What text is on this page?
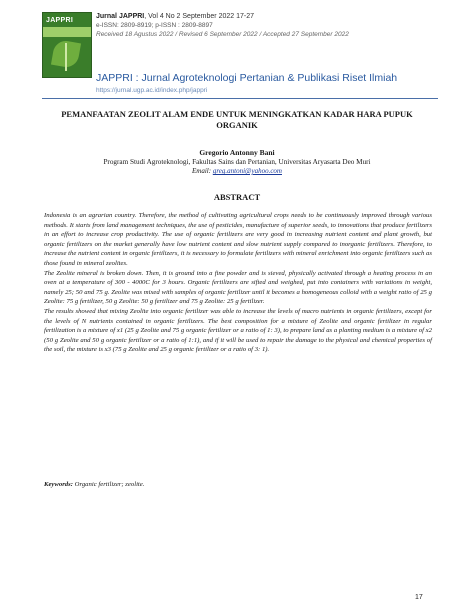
JAPPRI
Jurnal JAPPRI, Vol 4 No 2 September 2022 17-27
e-ISSN: 2809-8919; p-ISSN : 2809-8897
Received 18 Agustus 2022 / Revised 6 September 2022 / Accepted 27 September 2022
JAPPRI : Jurnal Agroteknologi Pertanian & Publikasi Riset Ilmiah
https://jurnal.ugp.ac.id/index.php/jappri
PEMANFAATAN ZEOLIT ALAM ENDE UNTUK MENINGKATKAN KADAR HARA PUPUK ORGANIK
Gregorio Antonny Bani
Program Studi Agroteknologi, Fakultas Sains dan Pertanian, Universitas Aryasarta Deo Muri
Email: greg.antoni@yahoo.com
ABSTRACT

Indonesia is an agrarian country. Therefore, the method of cultivating agricultural crops needs to be continuously improved through various methods. It starts from land management techniques, the use of pesticides, manufacture of superior seeds, to innovations that produce fertilizers in an effort to increase crop productivity. The use of organic fertilizers are very good in increasing nutrient content and plant growth, but organic fertilizers on the market generally have low nutrient content and slow nutrient supply compared to inorganic fertilizers. Therefore, to increase the nutrient content in organic fertilizers, it is necessary to formulate fertilizers with mineral enrichment into organic fertilizers such as those found in mineral zeolites.

The Zeolite mineral is broken down. Then, it is ground into a fine powder and is sieved, physically activated through a heating process in an oven at a temperature of 300 - 4000C for 3 hours. Organic fertilizers are sifted and weighed, put into containers with variations in weight, namely 25; 50 and 75 g. Zeolite was mixed with samples of organic fertilizer until it becomes a homogeneous colloid with a weight ratio of 25 g Zeolite: 75 g fertilizer, 50 g Zeolite: 50 g fertilizer and 75 g Zeolite: 25 g fertilizer.

The results showed that mixing Zeolite into organic fertilizer was able to increase the levels of macro nutrients in organic fertilizers, except for the levels of N nutrients contained in organic fertilizers. The best composition for a mixture of Zeolite and organic fertilizer in regular fertilization is a mixture of x1 (25 g Zeolite and 75 g organic fertilizer or a ratio of 1: 3), to prepare land as a planting medium is a mixture of x2 (50 g Zeolite and 50 g organic fertilizer or a ratio of 1:1), and if it will be used to repair the damage to the physical and chemical properties of the soil, the mixture is x3 (75 g Zeolite and 25 g organic fertilizer or a ratio of 3: 1).

Keywords: Organic fertilizer; zeolite.
17
